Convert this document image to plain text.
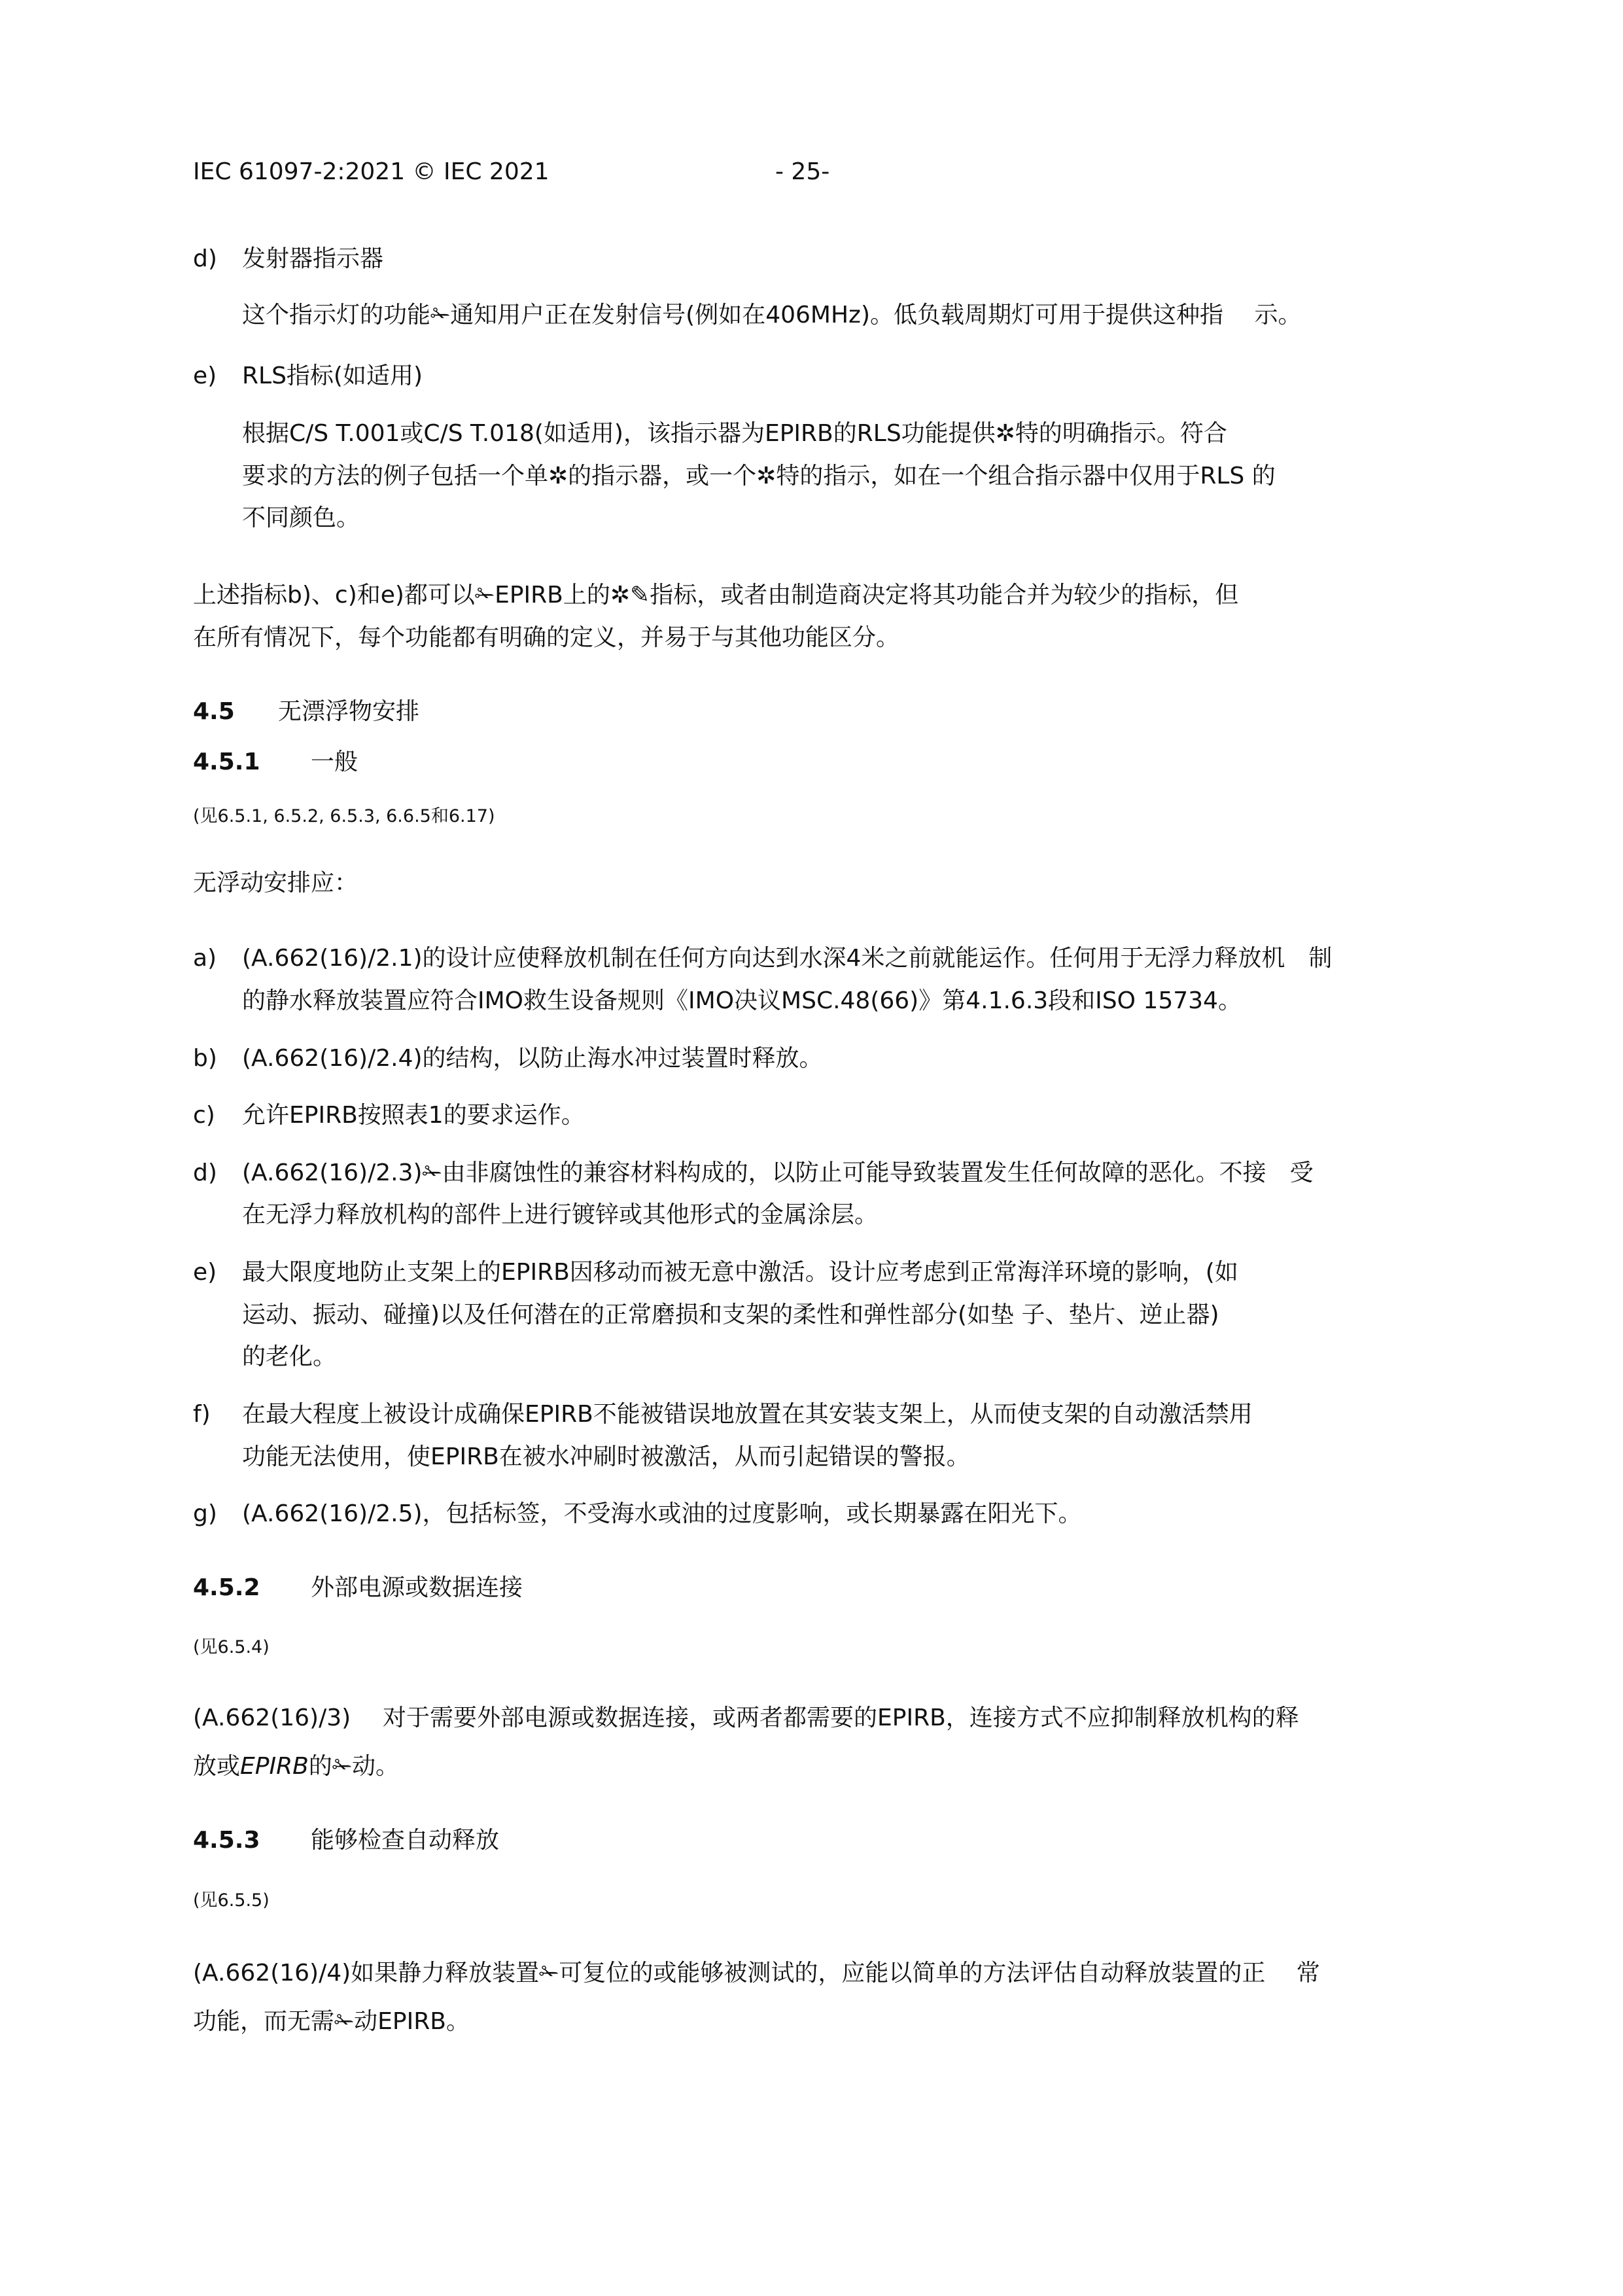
IEC 61097-2:2021 © IEC 2021	- 25-
d) 发射器指示器
这个指示灯的功能✁通知用户正在发射信号(例如在406MHz)。低负载周期灯可用于提供这种指　 示。
e) RLS指标(如适用)
根据C/S T.001或C/S T.018(如适用)，该指示器为EPIRB的RLS功能提供✲特的明确指示。符合
要求的方法的例子包括一个单✲的指示器，或一个✲特的指示，如在一个组合指示器中仅用于RLS 的
不同颜色。
上述指标b)、c)和e)都可以✁EPIRB上的✲✎指标，或者由制造商决定将其功能合并为较少的指标，但
在所有情况下，每个功能都有明确的定义，并易于与其他功能区分。
4.5 无漂浮物安排
4.5.1 一般
(见6.5.1, 6.5.2, 6.5.3, 6.6.5和6.17)
无浮动安排应：
a) (A.662(16)/2.1)的设计应使释放机制在任何方向达到水深4米之前就能运作。任何用于无浮力释放机　制
的静水释放装置应符合IMO救生设备规则《IMO决议MSC.48(66)》第4.1.6.3段和ISO 15734。
b) (A.662(16)/2.4)的结构，以防止海水冲过装置时释放。
c) 允许EPIRB按照表1的要求运作。
d) (A.662(16)/2.3)✁由非腐蚀性的兼容材料构成的，以防止可能导致装置发生任何故障的恶化。不接　受
在无浮力释放机构的部件上进行镀锌或其他形式的金属涂层。
e) 最大限度地防止支架上的EPIRB因移动而被无意中激活。设计应考虑到正常海洋环境的影响，(如
运动、振动、碰撞)以及任何潜在的正常磨损和支架的柔性和弹性部分(如垫 子、垫片、逆止器)
的老化。
f) 在最大程度上被设计成确保EPIRB不能被错误地放置在其安装支架上，从而使支架的自动激活禁用
功能无法使用，使EPIRB在被水冲刷时被激活，从而引起错误的警报。
g) (A.662(16)/2.5)，包括标签，不受海水或油的过度影响，或长期暴露在阳光下。
4.5.2 外部电源或数据连接
(见6.5.4)
(A.662(16)/3) 对于需要外部电源或数据连接，或两者都需要的EPIRB，连接方式不应抑制释放机构的释
放或EPIRB的✁动。
4.5.3 能够检查自动释放
(见6.5.5)
(A.662(16)/4)如果静力释放装置✁可复位的或能够被测试的，应能以简单的方法评估自动释放装置的正　 常
功能，而无需✁动EPIRB。
